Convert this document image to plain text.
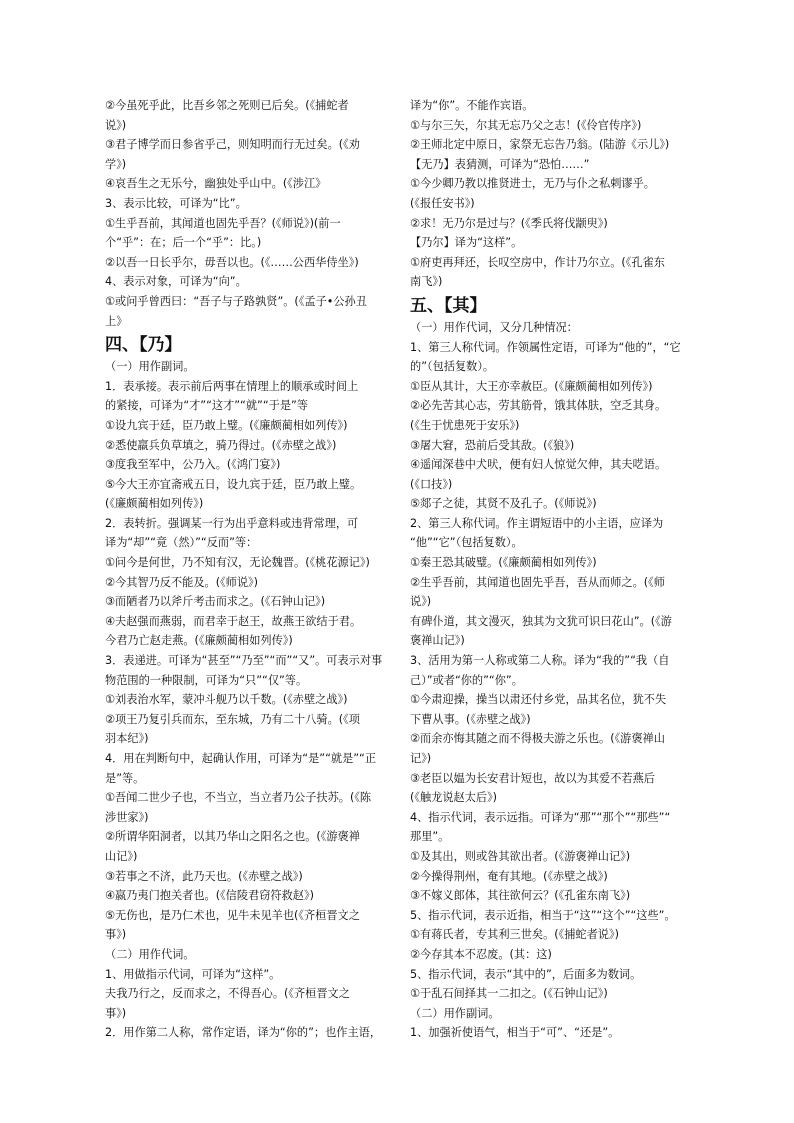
②今虽死乎此，比吾乡邻之死则已后矣。(《捕蛇者
说》)
③君子博学而日参省乎己，则知明而行无过矣。(《劝
学》)
④哀吾生之无乐兮，幽独处乎山中。(《涉江》
3、表示比较，可译为“比”。
①生乎吾前，其闻道也固先乎吾？(《师说》)(前一
个“乎”：在；后一个“乎”：比。)
②以吾一日长乎尔，毋吾以也。(《……公西华侍坐》)
4、表示对象，可译为“向”。
①或问乎曾西曰：“吾子与子路孰贤”。(《孟子•公孙丑
上》
四、【乃】
（一）用作副词。
1．表承接。表示前后两事在情理上的顺承或时间上
的紧接，可译为“才”“这才”“就”“于是”等
①设九宾于廷，臣乃敢上璧。(《廉颇蔺相如列传》)
②悉使羸兵负草填之，骑乃得过。(《赤壁之战》)
③度我至军中，公乃入。(《鸿门宴》)
⑤今大王亦宜斋戒五日，设九宾于廷，臣乃敢上璧。
(《廉颇蔺相如列传》)
2．表转折。强调某一行为出乎意料或违背常理，可
译为“却”“竟（然）”“反而”等：
①问今是何世，乃不知有汉，无论魏晋。(《桃花源记》)
②今其智乃反不能及。(《师说》)
③而陋者乃以斧斤考击而求之。(《石钟山记》)
④夫赵强而燕弱，而君幸于赵王，故燕王欲结于君。
今君乃亡赵走燕。(《廉颇蔺相如列传》)
3．表递进。可译为“甚至”“乃至”“而”“又”。可表示对事
物范围的一种限制，可译为“只”“仅”等。
①刘表治水军，蒙冲斗舰乃以千数。(《赤壁之战》)
②项王乃复引兵而东，至东城，乃有二十八骑。(《项
羽本纪》)
4．用在判断句中，起确认作用，可译为“是”“就是”“正
是”等。
①吾闻二世少子也，不当立，当立者乃公子扶苏。(《陈
涉世家》)
②所谓华阳洞者，以其乃华山之阳名之也。(《游褒禅
山记》)
③若事之不济，此乃天也。(《赤壁之战》)
④嬴乃夷门抱关者也。(《信陵君窃符救赵》)
⑤无伤也，是乃仁术也，见牛未见羊也(《齐桓晋文之
事》)
（二）用作代词。
1、用做指示代词，可译为“这样”。
夫我乃行之，反而求之，不得吾心。(《齐桓晋文之
事》)
2．用作第二人称，常作定语，译为“你的”；也作主语，
译为“你”。不能作宾语。
①与尔三矢，尔其无忘乃父之志！(《伶官传序》)
②王师北定中原日，家祭无忘告乃翁。(陆游《示儿》)
【无乃】表猜测，可译为“恐怕……”
①今少卿乃教以推贤进士，无乃与仆之私剌谬乎。
(《报任安书》)
②求！无乃尔是过与？(《季氏将伐颛臾》)
【乃尔】译为“这样”。
①府吏再拜还，长叹空房中，作计乃尔立。(《孔雀东
南飞》)
五、【其】
（一）用作代词，又分几种情况：
1、第三人称代词。作领属性定语，可译为“他的”，“它
的”（包括复数）。
①臣从其计，大王亦幸赦臣。(《廉颇蔺相如列传》)
②必先苦其心志，劳其筋骨，饿其体肤，空乏其身。
(《生于忧患死于安乐》)
③屠大窘，恐前后受其敌。(《狼》)
④遥闻深巷中犬吠，便有妇人惊觉欠伸，其夫呓语。
(《口技》)
⑤郯子之徒，其贤不及孔子。(《师说》)
2、第三人称代词。作主谓短语中的小主语，应译为
“他”“它”（包括复数）。
①秦王恐其破璧。(《廉颇蔺相如列传》)
②生乎吾前，其闻道也固先乎吾，吾从而师之。(《师
说》)
有碑仆道，其文漫灭，独其为文犹可识曰花山”。(《游
褒禅山记》)
3、活用为第一人称或第二人称。译为“我的”“我（自
己）”或者“你的”“你”。
①今肃迎操，操当以肃还付乡党，品其名位，犹不失
下曹从事。(《赤壁之战》)
②而余亦悔其随之而不得极夫游之乐也。(《游褒禅山
记》)
③老臣以媪为长安君计短也，故以为其爱不若燕后
(《触龙说赵太后》)
4、指示代词，表示远指。可译为“那”“那个”“那些”“
那里”。
①及其出，则或咎其欲出者。(《游褒禅山记》)
②今操得荆州，奄有其地。(《赤壁之战》)
③不嫁义郎体，其往欲何云？(《孔雀东南飞》)
5、指示代词，表示近指，相当于“这”“这个”“这些”。
①有蒋氏者，专其利三世矣。(《捕蛇者说》)
②今存其本不忍废。(其：这)
5、指示代词，表示“其中的”，后面多为数词。
①于乱石间择其一二扣之。(《石钟山记》)
（二）用作副词。
1、加强祈使语气，相当于“可”、“还是”。
